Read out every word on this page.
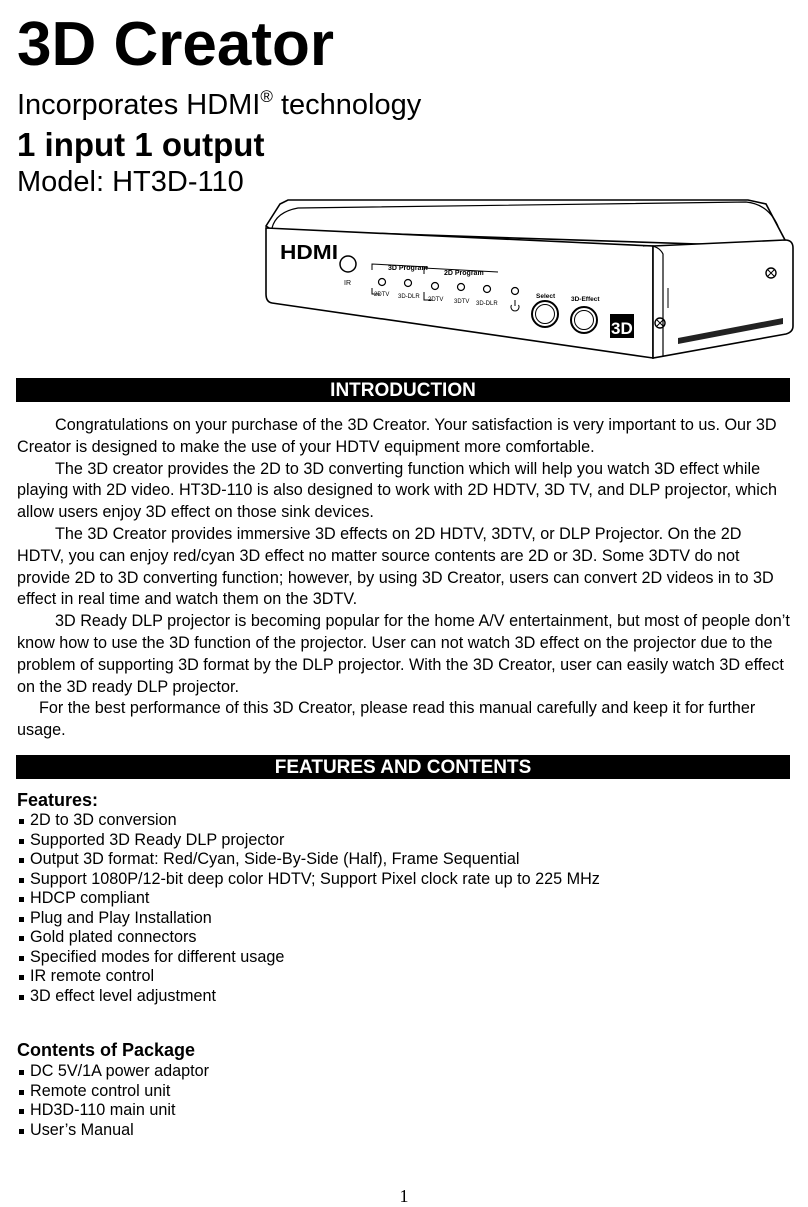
3D Creator
Incorporates HDMI® technology
1 input 1 output
Model: HT3D-110
HDMI
IR
3D Program
2DTV 3D-DLR
2D Program
2DTV 3DTV 3D-DLR
Select 3D-Effect
3D
INTRODUCTION

Congratulations on your purchase of the 3D Creator. Your satisfaction is very important to us. Our 3D Creator is designed to make the use of your HDTV equipment more comfortable.

The 3D creator provides the 2D to 3D converting function which will help you watch 3D effect while playing with 2D video. HT3D-110 is also designed to work with 2D HDTV, 3D TV, and DLP projector, which allow users enjoy 3D effect on those sink devices.

The 3D Creator provides immersive 3D effects on 2D HDTV, 3DTV, or DLP Projector. On the 2D HDTV, you can enjoy red/cyan 3D effect no matter source contents are 2D or 3D. Some 3DTV do not provide 2D to 3D converting function; however, by using 3D Creator, users can convert 2D videos in to 3D effect in real time and watch them on the 3DTV.

3D Ready DLP projector is becoming popular for the home A/V entertainment, but most of people don’t know how to use the 3D function of the projector. User can not watch 3D effect on the projector due to the problem of supporting 3D format by the DLP projector. With the 3D Creator, user can easily watch 3D effect on the 3D ready DLP projector.

For the best performance of this 3D Creator, please read this manual carefully and keep it for further usage.

FEATURES AND CONTENTS
Features:
2D to 3D conversion
Supported 3D Ready DLP projector
Output 3D format: Red/Cyan, Side-By-Side (Half), Frame Sequential
Support 1080P/12-bit deep color HDTV; Support Pixel clock rate up to 225 MHz
HDCP compliant
Plug and Play Installation
Gold plated connectors
Specified modes for different usage
IR remote control
3D effect level adjustment
Contents of Package
DC 5V/1A power adaptor
Remote control unit
HD3D-110 main unit
User’s Manual
1
